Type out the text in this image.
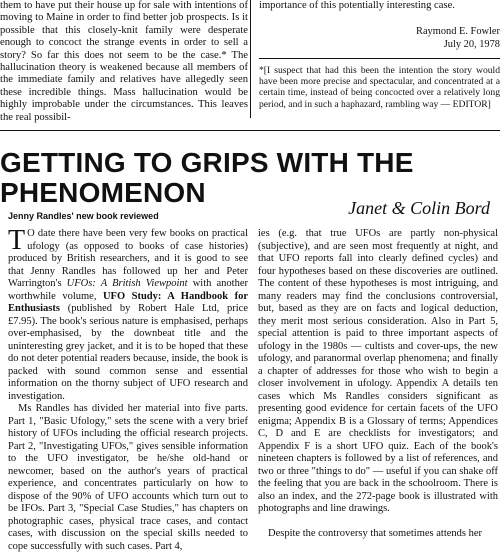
them to have put their house up for sale with intentions of moving to Maine in order to find better job prospects. Is it possible that this closely-knit family were desperate enough to concoct the strange events in order to sell a story? So far this does not seem to be the case.* The hallucination theory is weakened because all members of the immediate family and relatives have allegedly seen these incredible things. Mass hallucination would be highly improbable under the circumstances. This leaves the real possibil-

importance of this potentially interesting case.

Raymond E. Fowler
July 20, 1978

*[I suspect that had this been the intention the story would have been more precise and spectacular, and concentrated at a certain time, instead of being concocted over a relatively long period, and in such a haphazard, rambling way — EDITOR]

GETTING TO GRIPS WITH THE PHENOMENON
Jenny Randles' new book reviewed	Janet & Colin Bord

T O date there have been very few books on practical ufology (as opposed to books of case histories) produced by British researchers, and it is good to see that Jenny Randles has followed up her and Peter Warrington's UFOs: A British Viewpoint with another worthwhile volume, UFO Study: A Handbook for Enthusiasts (published by Robert Hale Ltd, price £7.95). The book's serious nature is emphasised, perhaps over-emphasised, by the downbeat title and the uninteresting grey jacket, and it is to be hoped that these do not deter potential readers because, inside, the book is packed with sound common sense and essential information on the thorny subject of UFO research and investigation.

Ms Randles has divided her material into five parts. Part 1, "Basic Ufology," sets the scene with a very brief history of UFOs including the official research projects. Part 2, "Investigating UFOs," gives sensible information to the UFO investigator, be he/she old-hand or newcomer, based on the author's years of practical experience, and concentrates particularly on how to dispose of the 90% of UFO accounts which turn out to be IFOs. Part 3, "Special Case Studies," has chapters on photographic cases, physical trace cases, and contact cases, with discussion on the special skills needed to cope successfully with such cases. Part 4,

ies (e.g. that true UFOs are partly non-physical (subjective), and are seen most frequently at night, and that UFO reports fall into clearly defined cycles) and four hypotheses based on these discoveries are outlined. The content of these hypotheses is most intriguing, and many readers may find the conclusions controversial, but, based as they are on facts and logical deduction, they merit most serious consideration. Also in Part 5, special attention is paid to three important aspects of ufology in the 1980s — cultists and cover-ups, the new ufology, and paranormal overlap phenomena; and finally a chapter of addresses for those who wish to begin a closer involvement in ufology. Appendix A details ten cases which Ms Randles considers significant as presenting good evidence for certain facets of the UFO enigma; Appendix B is a Glossary of terms; Appendices C, D and E are checklists for investigators; and Appendix F is a short UFO quiz. Each of the book's nineteen chapters is followed by a list of references, and two or three "things to do" — useful if you can shake off the feeling that you are back in the schoolroom. There is also an index, and the 272-page book is illustrated with photographs and line drawings.

Despite the controversy that sometimes attends her
